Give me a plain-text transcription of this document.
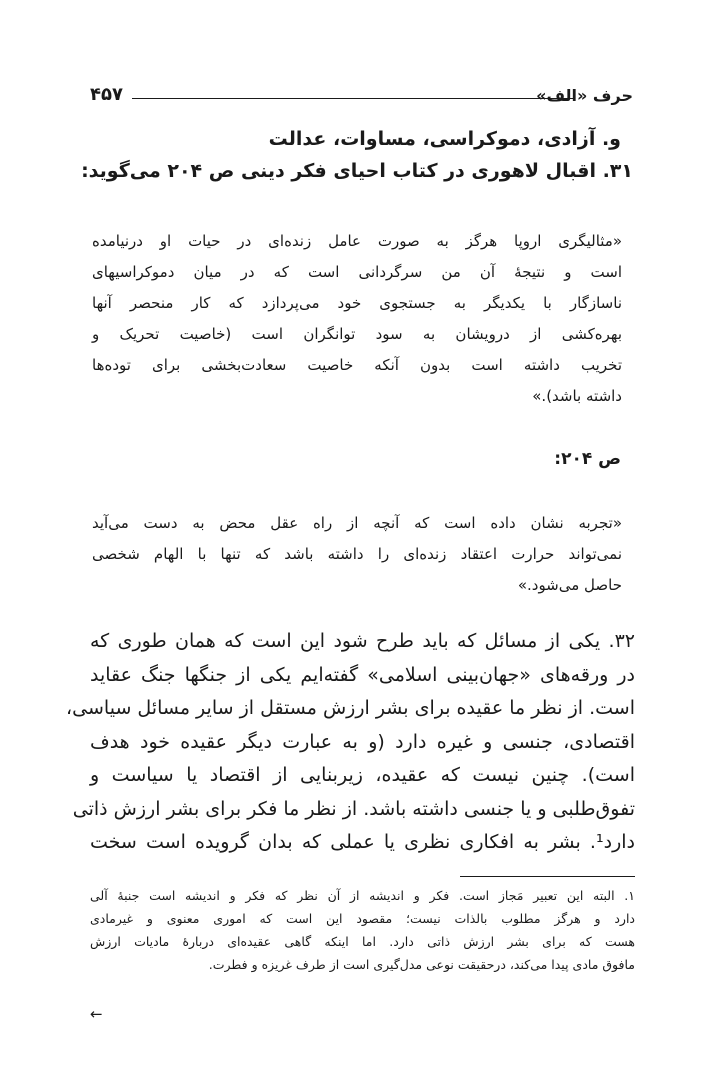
حرف «الف»
۴۵۷
و. آزادی، دموکراسی، مساوات، عدالت
۳۱. اقبال لاهوری در کتاب احیای فکر دینی ص ۲۰۴ می‌گوید:

«مثالیگری اروپا هرگز به صورت عامل زنده‌ای در حیات او درنیامده

است و نتیجهٔ آن من سرگردانی است که در میان دموکراسیهای

ناسازگار با یکدیگر به جستجوی خود می‌پردازد که کار منحصر آنها

بهره‌کشی از درویشان به سود توانگران است (خاصیت تحریک و

تخریب داشته است بدون آنکه خاصیت سعادت‌بخشی برای توده‌ها

داشته باشد).»

ص ۲۰۴:

«تجربه نشان داده است که آنچه از راه عقل محض به دست می‌آید

نمی‌تواند حرارت اعتقاد زنده‌ای را داشته باشد که تنها با الهام شخصی

حاصل می‌شود.»

۳۲. یکی از مسائل که باید طرح شود این است که همان طوری که

در ورقه‌های «جهان‌بینی اسلامی» گفته‌ایم یکی از جنگها جنگ عقاید

است. از نظر ما عقیده برای بشر ارزش مستقل از سایر مسائل سیاسی،

اقتصادی، جنسی و غیره دارد (و به عبارت دیگر عقیده خود هدف

است). چنین نیست که عقیده، زیربنایی از اقتصاد یا سیاست و

تفوق‌طلبی و یا جنسی داشته باشد. از نظر ما فکر برای بشر ارزش ذاتی

دارد¹. بشر به افکاری نظری یا عملی که بدان گرویده است سخت

۱. البته این تعبیر مَجاز است. فکر و اندیشه از آن نظر که فکر و اندیشه است جنبهٔ آلی

دارد و هرگز مطلوب بالذات نیست؛ مقصود این است که اموری معنوی و غیرمادی

هست که برای بشر ارزش ذاتی دارد. اما اینکه گاهی عقیده‌ای دربارهٔ مادیات ارزش

مافوق مادی پیدا می‌کند، درحقیقت نوعی مدل‌گیری است از طرف غریزه و فطرت.

←
